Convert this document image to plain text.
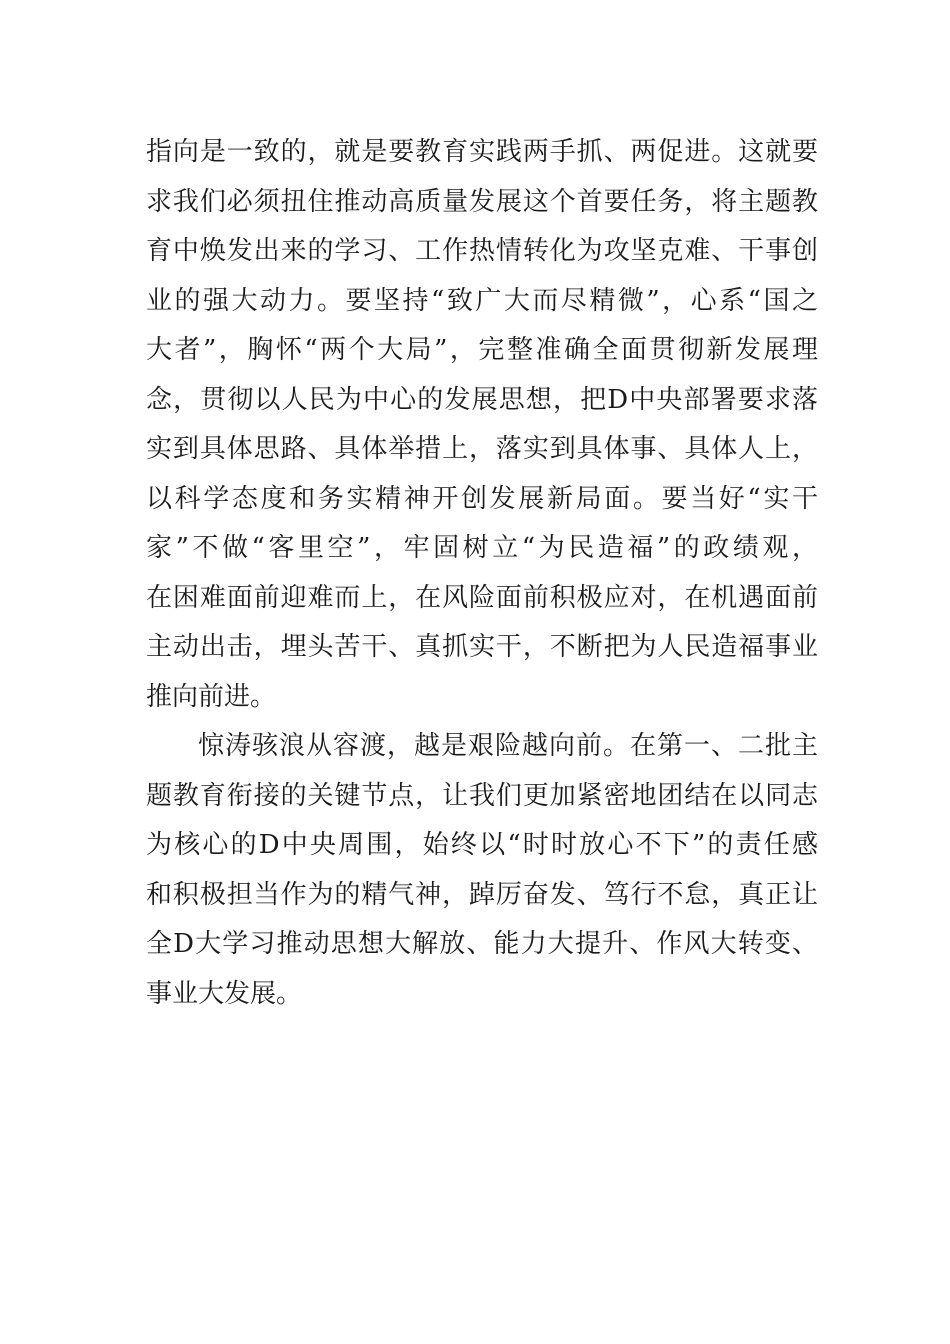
指向是一致的，就是要教育实践两手抓、两促进。这就要
求我们必须扭住推动高质量发展这个首要任务，将主题教
育中焕发出来的学习、工作热情转化为攻坚克难、干事创
业的强大动力。要坚持“致广大而尽精微”，心系“国之
大者”，胸怀“两个大局”，完整准确全面贯彻新发展理
念，贯彻以人民为中心的发展思想，把D中央部署要求落
实到具体思路、具体举措上，落实到具体事、具体人上，
以科学态度和务实精神开创发展新局面。要当好“实干
家”不做“客里空”，牢固树立“为民造福”的政绩观，
在困难面前迎难而上，在风险面前积极应对，在机遇面前
主动出击，埋头苦干、真抓实干，不断把为人民造福事业
推向前进。
惊涛骇浪从容渡，越是艰险越向前。在第一、二批主
题教育衔接的关键节点，让我们更加紧密地团结在以同志
为核心的D中央周围，始终以“时时放心不下”的责任感
和积极担当作为的精气神，踔厉奋发、笃行不怠，真正让
全D大学习推动思想大解放、能力大提升、作风大转变、
事业大发展。
